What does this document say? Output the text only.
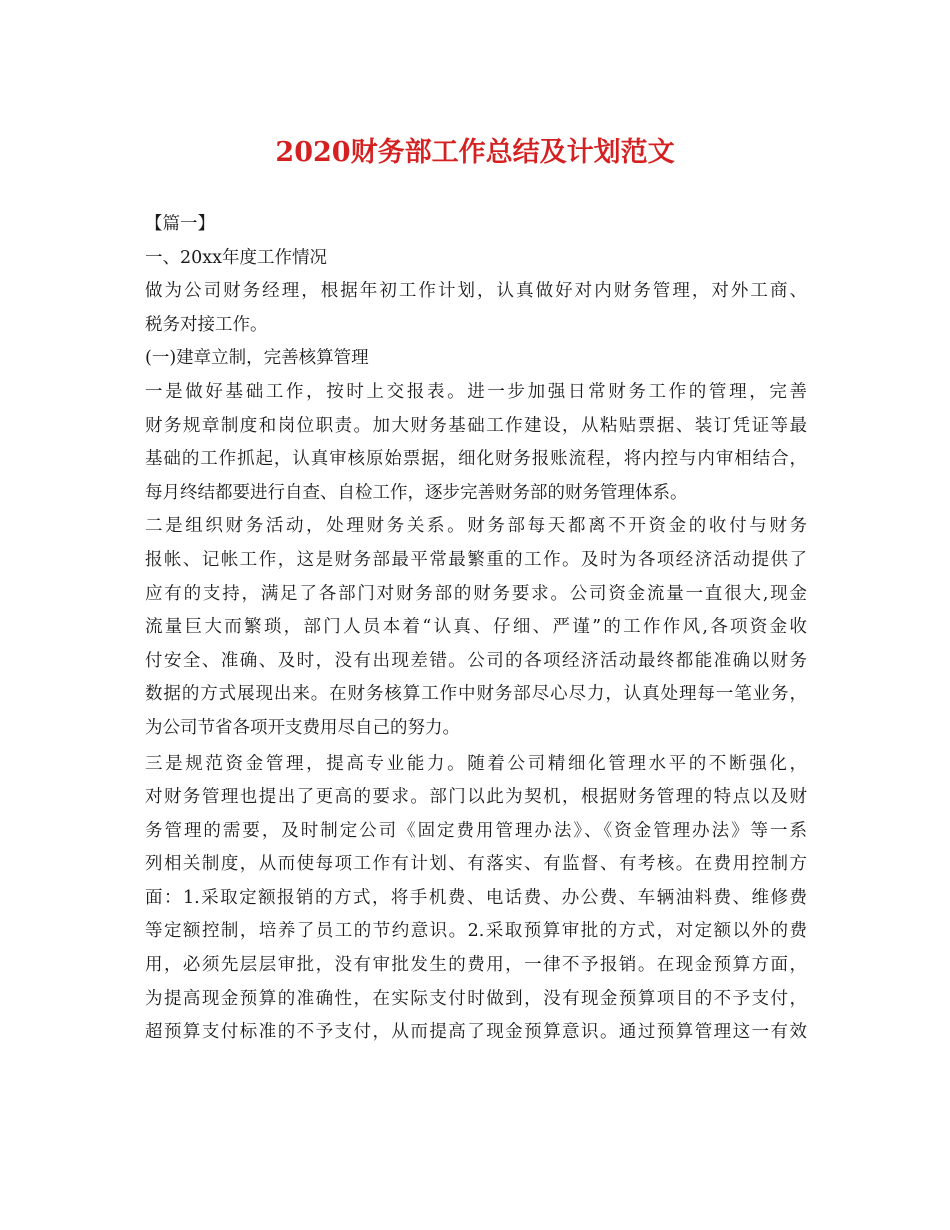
2020财务部工作总结及计划范文

【篇一】

一、20xx年度工作情况

做为公司财务经理，根据年初工作计划，认真做好对内财务管理，对外工商、

税务对接工作。

(一)建章立制，完善核算管理

一是做好基础工作，按时上交报表。进一步加强日常财务工作的管理，完善

财务规章制度和岗位职责。加大财务基础工作建设，从粘贴票据、装订凭证等最

基础的工作抓起，认真审核原始票据，细化财务报账流程，将内控与内审相结合，

每月终结都要进行自查、自检工作，逐步完善财务部的财务管理体系。

二是组织财务活动，处理财务关系。财务部每天都离不开资金的收付与财务

报帐、记帐工作，这是财务部最平常最繁重的工作。及时为各项经济活动提供了

应有的支持，满足了各部门对财务部的财务要求。公司资金流量一直很大,现金

流量巨大而繁琐，部门人员本着“认真、仔细、严谨”的工作作风,各项资金收

付安全、准确、及时，没有出现差错。公司的各项经济活动最终都能准确以财务

数据的方式展现出来。在财务核算工作中财务部尽心尽力，认真处理每一笔业务，

为公司节省各项开支费用尽自己的努力。

三是规范资金管理，提高专业能力。随着公司精细化管理水平的不断强化，

对财务管理也提出了更高的要求。部门以此为契机，根据财务管理的特点以及财

务管理的需要，及时制定公司《固定费用管理办法》、《资金管理办法》等一系

列相关制度，从而使每项工作有计划、有落实、有监督、有考核。在费用控制方

面：1.采取定额报销的方式，将手机费、电话费、办公费、车辆油料费、维修费

等定额控制，培养了员工的节约意识。2.采取预算审批的方式，对定额以外的费

用，必须先层层审批，没有审批发生的费用，一律不予报销。在现金预算方面，

为提高现金预算的准确性，在实际支付时做到，没有现金预算项目的不予支付，

超预算支付标准的不予支付，从而提高了现金预算意识。通过预算管理这一有效
